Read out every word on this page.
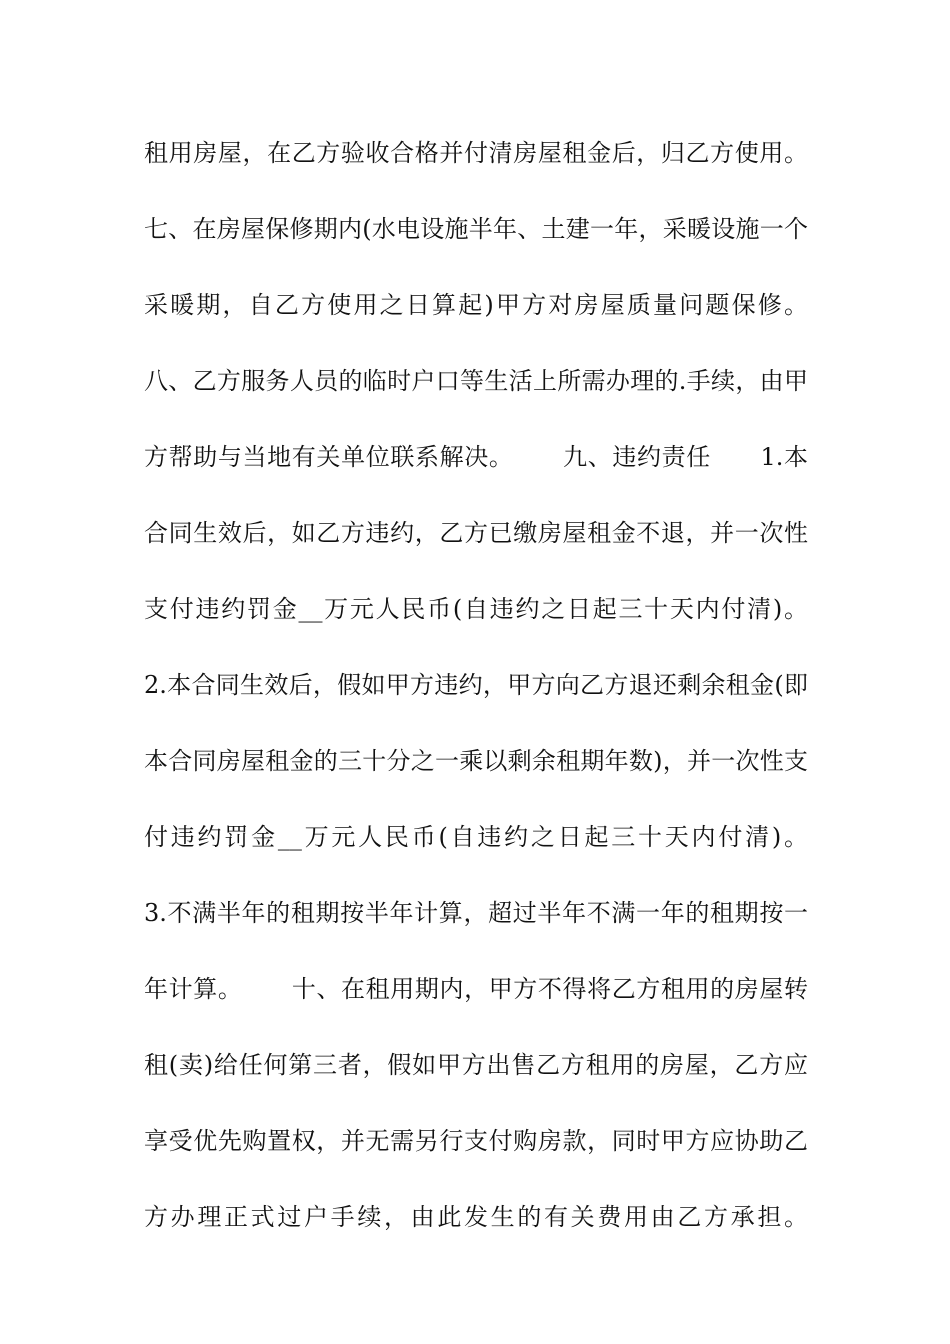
租用房屋，在乙方验收合格并付清房屋租金后，归乙方使用。
七、在房屋保修期内(水电设施半年、土建一年，采暖设施一个
采暖期，自乙方使用之日算起)甲方对房屋质量问题保修。
八、乙方服务人员的临时户口等生活上所需办理的.手续，由甲
方帮助与当地有关单位联系解决。      九、违约责任      1.本
合同生效后，如乙方违约，乙方已缴房屋租金不退，并一次性
支付违约罚金__万元人民币(自违约之日起三十天内付清)。
2.本合同生效后，假如甲方违约，甲方向乙方退还剩余租金(即
本合同房屋租金的三十分之一乘以剩余租期年数)，并一次性支
付违约罚金__万元人民币(自违约之日起三十天内付清)。
3.不满半年的租期按半年计算，超过半年不满一年的租期按一
年计算。      十、在租用期内，甲方不得将乙方租用的房屋转
租(卖)给任何第三者，假如甲方出售乙方租用的房屋，乙方应
享受优先购置权，并无需另行支付购房款，同时甲方应协助乙
方办理正式过户手续，由此发生的有关费用由乙方承担。
